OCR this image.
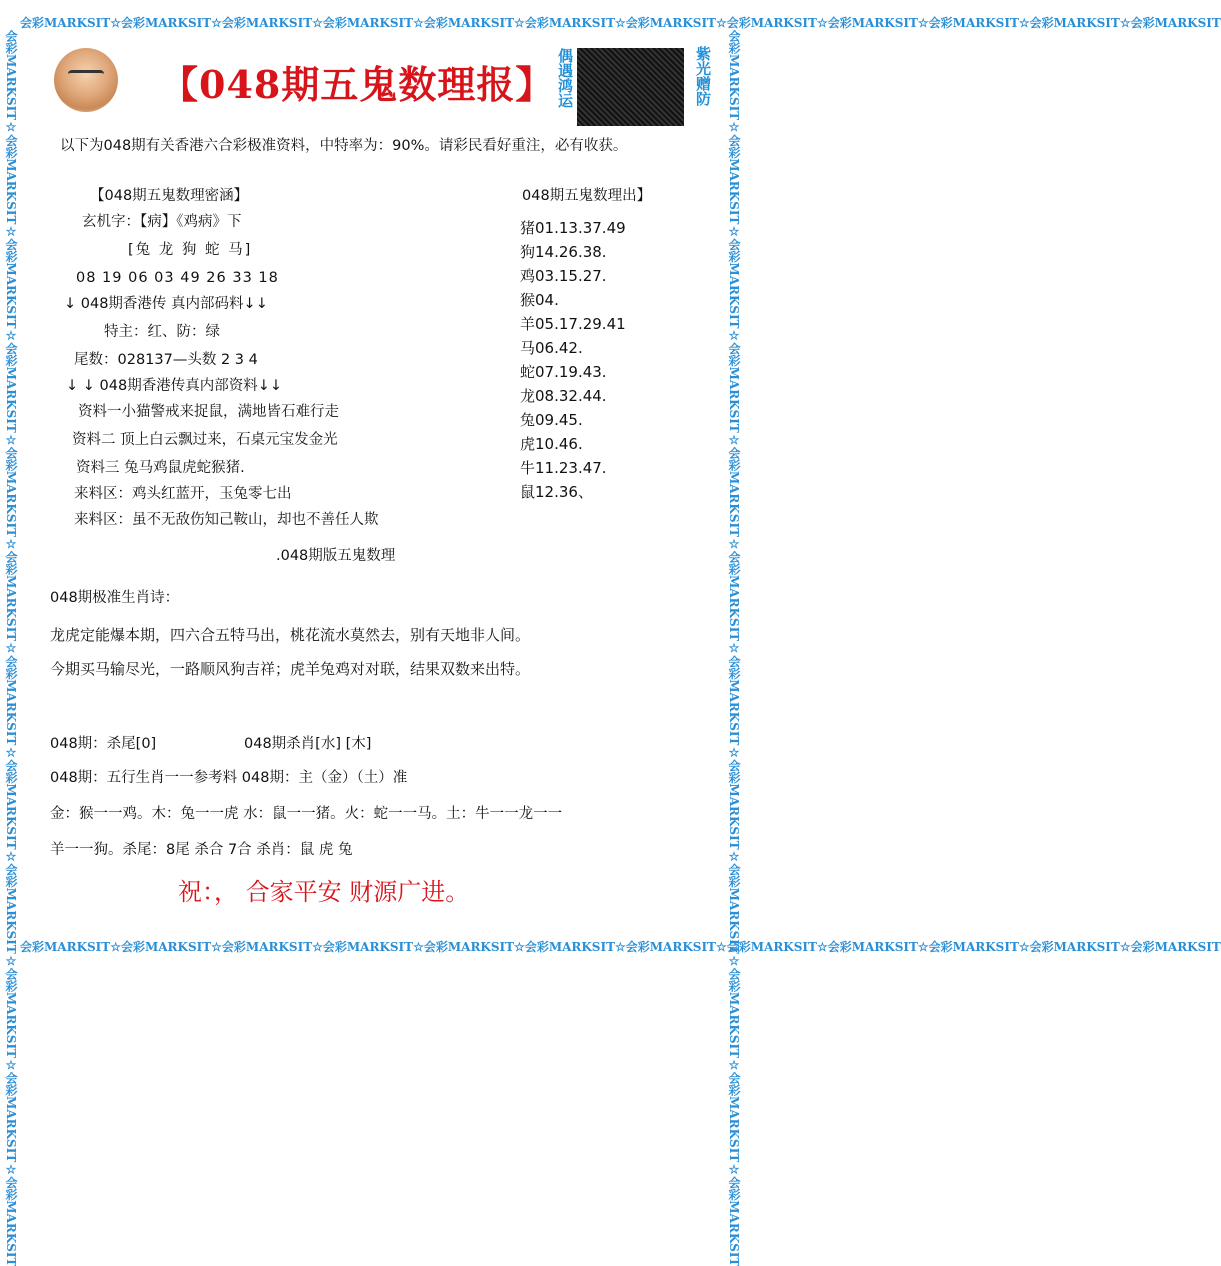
会彩MARKSIT☆会彩MARKSIT☆会彩MARKSIT☆会彩MARKSIT☆会彩MARKSIT☆会彩MARKSIT☆会彩MARKSIT☆会彩MARKSIT☆会彩MARKSIT☆会彩MARKSIT☆会彩MARKSIT☆会彩MARKSIT
会彩MARKSIT☆会彩MARKSIT☆会彩MARKSIT☆会彩MARKSIT☆会彩MARKSIT☆会彩MARKSIT☆会彩MARKSIT☆会彩MARKSIT☆会彩MARKSIT☆会彩MARKSIT☆会彩MARKSIT☆会彩MARKSIT
会彩MARKSIT☆会彩MARKSIT☆会彩MARKSIT☆会彩MARKSIT☆会彩MARKSIT☆会彩MARKSIT☆会彩MARKSIT☆会彩MARKSIT☆会彩MARKSIT☆会彩MARKSIT☆会彩MARKSIT☆会彩MARKSIT	会彩MARKSIT☆会彩MARKSIT☆会彩MARKSIT☆会彩MARKSIT☆会彩MARKSIT☆会彩MARKSIT☆会彩MARKSIT☆会彩MARKSIT☆会彩MARKSIT☆会彩MARKSIT☆会彩MARKSIT☆会彩MARKSIT
【048期五鬼数理报】 偶遇鸿运	紫光赠防
以下为048期有关香港六合彩极准资料，中特率为：90%。请彩民看好重注，必有收获。
【048期五鬼数理密涵】
玄机字：【病】《鸡病》下
[兔 龙 狗 蛇 马]
08 19 06 03 49 26 33 18
↓ 048期香港传 真内部码料↓↓
特主：红、防：绿
尾数：028137—头数 2 3 4
↓ ↓ 048期香港传真内部资料↓↓
资料一小猫警戒来捉鼠，满地皆石难行走
资料二 顶上白云飘过来，石桌元宝发金光
资料三 兔马鸡鼠虎蛇猴猪.
来料区：鸡头红蓝开，玉兔零七出
来料区：虽不无敌伤知己鞍山，却也不善任人欺
048期五鬼数理出】
猪01.13.37.49
狗14.26.38.
鸡03.15.27.
猴04.
羊05.17.29.41
马06.42.
蛇07.19.43.
龙08.32.44.
兔09.45.
虎10.46.
牛11.23.47.
鼠12.36、
.048期版五鬼数理
048期极准生肖诗：
龙虎定能爆本期，四六合五特马出，桃花流水莫然去，别有天地非人间。
今期买马输尽光，一路顺风狗吉祥；虎羊兔鸡对对联，结果双数来出特。
048期：杀尾[0]	048期杀肖[水] [木]
048期：五行生肖一一参考料 048期：主（金）（土）准
金：猴一一鸡。木：兔一一虎 水：鼠一一猪。火：蛇一一马。土：牛一一龙一一
羊一一狗。杀尾：8尾 杀合 7合 杀肖：鼠 虎 兔
祝：， 合家平安 财源广进。
